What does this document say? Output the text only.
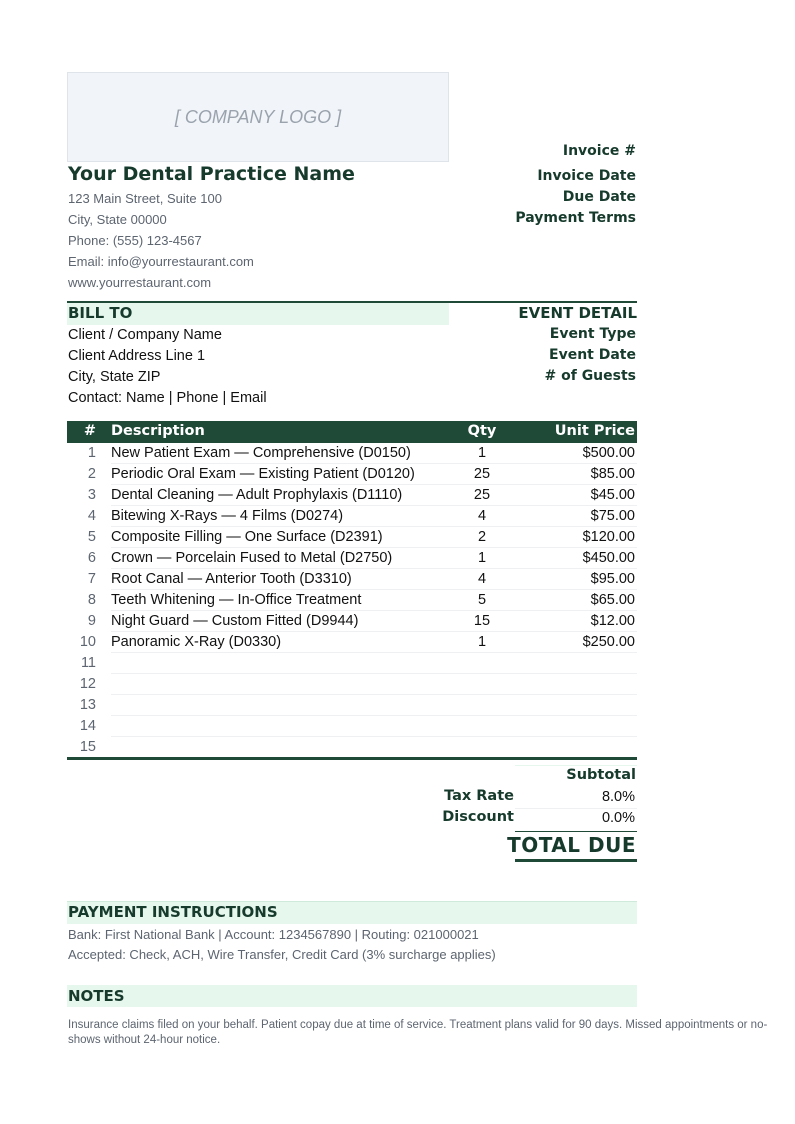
[ COMPANY LOGO ]
Your Dental Practice Name
123 Main Street, Suite 100
City, State 00000
Phone: (555) 123-4567
Email: info@yourrestaurant.com
www.yourrestaurant.com
Invoice #
Invoice Date
Due Date
Payment Terms
BILL TO	EVENT DETAIL
Client / Company Name
Client Address Line 1
City, State ZIP
Contact: Name | Phone | Email
Event Type
Event Date
# of Guests
# Description	Qty	Unit Price
1 New Patient Exam — Comprehensive (D0150)	1	$500.00
2 Periodic Oral Exam — Existing Patient (D0120)	25	$85.00
3 Dental Cleaning — Adult Prophylaxis (D1110)	25	$45.00
4 Bitewing X-Rays — 4 Films (D0274)	4	$75.00
5 Composite Filling — One Surface (D2391)	2	$120.00
6 Crown — Porcelain Fused to Metal (D2750)	1	$450.00
7 Root Canal — Anterior Tooth (D3310)	4	$95.00
8 Teeth Whitening — In-Office Treatment	5	$65.00
9 Night Guard — Custom Fitted (D9944)	15	$12.00
10 Panoramic X-Ray (D0330)	1	$250.00
11
12
13
14
15
Subtotal
Tax Rate	8.0%
Discount	0.0%
TOTAL DUE
PAYMENT INSTRUCTIONS
Bank: First National Bank | Account: 1234567890 | Routing: 021000021
Accepted: Check, ACH, Wire Transfer, Credit Card (3% surcharge applies)
NOTES
Insurance claims filed on your behalf. Patient copay due at time of service. Treatment plans valid for 90 days. Missed appointments or no-
shows without 24-hour notice.
